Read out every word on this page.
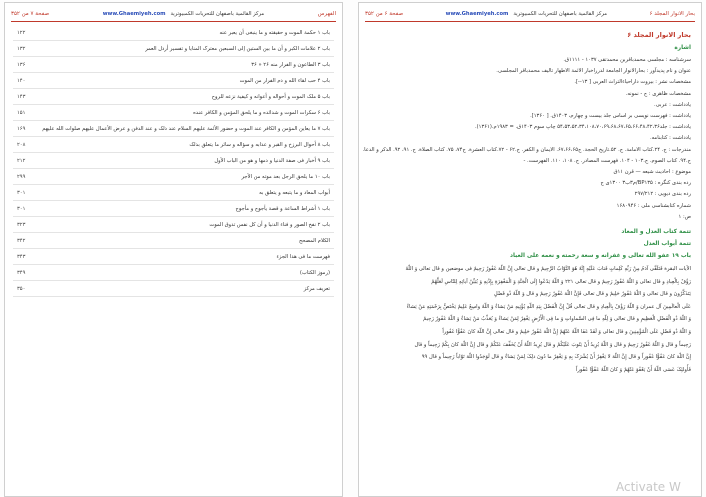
الفهرس
مرکز القائمیة باصفهان للتحریات الکمبیوتریة   www.Ghaemiyeh.com
صفحة ۷ من ۳۵۲
باب ۱ حکمة الموت و حقیقته و ما ینبغی أن یعبر عنه
۱۲۲
باب ۲ علامات الکبر و أن ما بین الستین إلی السبعین معترک المنایا و تفسیر أرذل العمر
۱۳۲
باب ۳ الطاعون و الفرار منه ۲۶ « ۳۶
۱۳۶
باب ۴ حب لقاء الله و ذم الفرار من الموت
۱۴۰
باب ۵ ملک الموت و أحواله و أعوانه و کیفیة نزعه للروح
۱۴۳
باب ۶ سکرات الموت و شدائده و ما یلحق المؤمن و الکافر عنده
۱۵۱
باب ۷ ما یعاین المؤمن و الکافر عند الموت و حضور الأئمة علیهم السلام عند ذلک و عند الدفن و عرض الأعمال علیهم صلوات الله علیهم
۱۶۹
باب ۸ أحوال البرزخ و القبر و عذابه و سؤاله و سائر ما یتعلق بذلک
۲۰۸
باب ۹ أخبار فی صفة الدنیا و ذمها و هو من الباب الأول
۲۱۲
باب ۱۰ ما یلحق الرجل بعد موته من الأجر
۲۹۹
أبواب المعاد و ما یتبعه و یتعلق به
۳۰۱
باب ۱ أشراط الساعة و قصة یأجوج و مأجوج
۳۰۱
باب ۲ نفخ الصور و فناء الدنیا و أن کل نفس تذوق الموت
۳۲۳
الکلام المصحح
۳۴۲
فهرست ما فی هذا الجزء
۳۴۳
(رموز الکتاب)
۳۴۹
تعریف مرکز
۳۵۰
بحار الانوار المجلد ۶
مرکز القائمیة باصفهان للتحریات الکمبیوتریة   www.Ghaemiyeh.com
صفحة ۶ من ۳۵۲
بحار الانوار المجلد ۶
اشارة
سرشناسه : مجلسی محمدباقربن محمدتقی ۱۰۳۷ - ۱۱۱۱ق.
عنوان و نام پدیدآور : بحارالانوار الجامعة لدرراخبار الائمة الاطهار تالیف محمدباقر المجلسی.
مشخصات نشر : بیروت داراحیاءالتراث العربی [ ۱۳--].
مشخصات ظاهری : ج - نمونه.
یادداشت : عربی.
یادداشت : فهرست نویسی بر اساس جلد بیست و چهارم، ۱۴۰۳ق. [ ۱۳۶۰].
یادداشت : جلد۵۴،۵۳،۵۲،۳۴،۱۰۸،۷۰،۶۹،۶۸،۶۷،۶۵،۶۶،۴۸،۴۲،۳۶ چاپ سوم ۱۴۰۳ق. = ۱۹۸۳م.(۱۳۶۱).
یادداشت : کتابنامه.
مندرجات : ج. ۲۴.کتاب الامامة. ج. ۵۲.تاریخ الحجة. ج۶۷،۶۶،۶۵. الایمان و الکفر. ج.۶۲ - ۷۲.کتاب العشرة. ج۷۴، ۷۵. کتاب الصلاة. ج. ۹۱، ۹۲. الذکر و الدعا.
ج.۹۴. کتاب الصوم. ج.۱۰۳ - ۱۰۴. فهرست المصادر. ج. ۱۰۸، ۱۱۰. الفهرست. -
موضوع : احادیث شیعه — قرن ۱۱ق
رده بندی کنگره : BP۱۳۵/م۳ب۳ ۱۳۰۰ی ج
رده بندی دیویی : ۲۹۷/۲۱۲
شماره کتابشناسی ملی : ۱۶۸۰۹۴۶
ص: ۱
تتمة کتاب العدل و المعاد
تتمة أبواب العدل
باب ۱۹ عفو الله تعالی و غفرانه و سعة رحمته و نعمه علی العباد
الآیات البقرة فَتَلَقَّی آدَمُ مِنْ رَبِّهِ کَلِماتٍ فَتابَ عَلَیْهِ إِنَّهُ هُوَ التَّوّابُ الرَّحِیمُ و قال تعالی إِنَّ اللّهَ غَفُورٌ رَحِیمٌ فی موضعین و قال تعالی وَ اللّهُ
رَؤُفٌ بِالْعِبادِ و قال تعالی وَ اللّهُ غَفُورٌ رَحِیمٌ و قال تعالی ۲۲۱ وَ اللّهُ یَدْعُوا إِلَی الْجَنَّةِ وَ الْمَغْفِرَةِ بِإِذْنِهِ وَ یُبَیِّنُ آیاتِهِ لِلنّاسِ لَعَلَّهُمْ
یَتَذَکَّرُونَ و قال تعالی وَ اللّهُ غَفُورٌ حَلِیمٌ و قال تعالی فَإِنَّ اللّهَ غَفُورٌ رَحِیمٌ و قال وَ اللّهُ ذُو فَضْلٍ
عَلَی الْعالَمِینَ آل عمران وَ اللّهُ رَؤُفٌ بِالْعِبادِ و قال تعالی قُلْ إِنَّ الْفَضْلَ بِیَدِ اللّهِ یُؤْتِیهِ مَنْ یَشاءُ وَ اللّهُ واسِعٌ عَلِیمٌ یَخْتَصُّ بِرَحْمَتِهِ مَنْ یَشاءُ
وَ اللّهُ ذُو الْفَضْلِ الْعَظِیمِ و قال تعالی وَ لِلّهِ ما فِی السَّماواتِ وَ ما فِی الْأَرْضِ یَغْفِرُ لِمَنْ یَشاءُ وَ یُعَذِّبُ مَنْ یَشاءُ وَ اللّهُ غَفُورٌ رَحِیمٌ
وَ اللّهُ ذُو فَضْلٍ عَلَی الْمُؤْمِنِینَ و قال تعالی وَ لَقَدْ عَفَا اللّهُ عَنْهُمْ إِنَّ اللّهَ غَفُورٌ حَلِیمٌ و قال تعالی إِنَّ اللّهَ کانَ عَفُوًّا غَفُوراً
رَحِیماً و قال وَ اللّهُ غَفُورٌ رَحِیمٌ و قال وَ اللّهُ یُرِیدُ أَنْ یَتُوبَ عَلَیْکُمْ و قال یُرِیدُ اللّهُ أَنْ یُخَفِّفَ عَنْکُمْ و قال إِنَّ اللّهَ کانَ بِکُمْ رَحِیماً و قال
إِنَّ اللّهَ کانَ عَفُوًّا غَفُوراً و قال إِنَّ اللّهَ لا یَغْفِرُ أَنْ یُشْرَکَ بِهِ وَ یَغْفِرُ ما دُونَ ذلِکَ لِمَنْ یَشاءُ و قال لَوَجَدُوا اللّهَ تَوّاباً رَحِیماً و قال ۹۹
فَأُولئِکَ عَسَی اللّهُ أَنْ یَعْفُوَ عَنْهُمْ وَ کانَ اللّهُ عَفُوًّا غَفُوراً
Activate W
